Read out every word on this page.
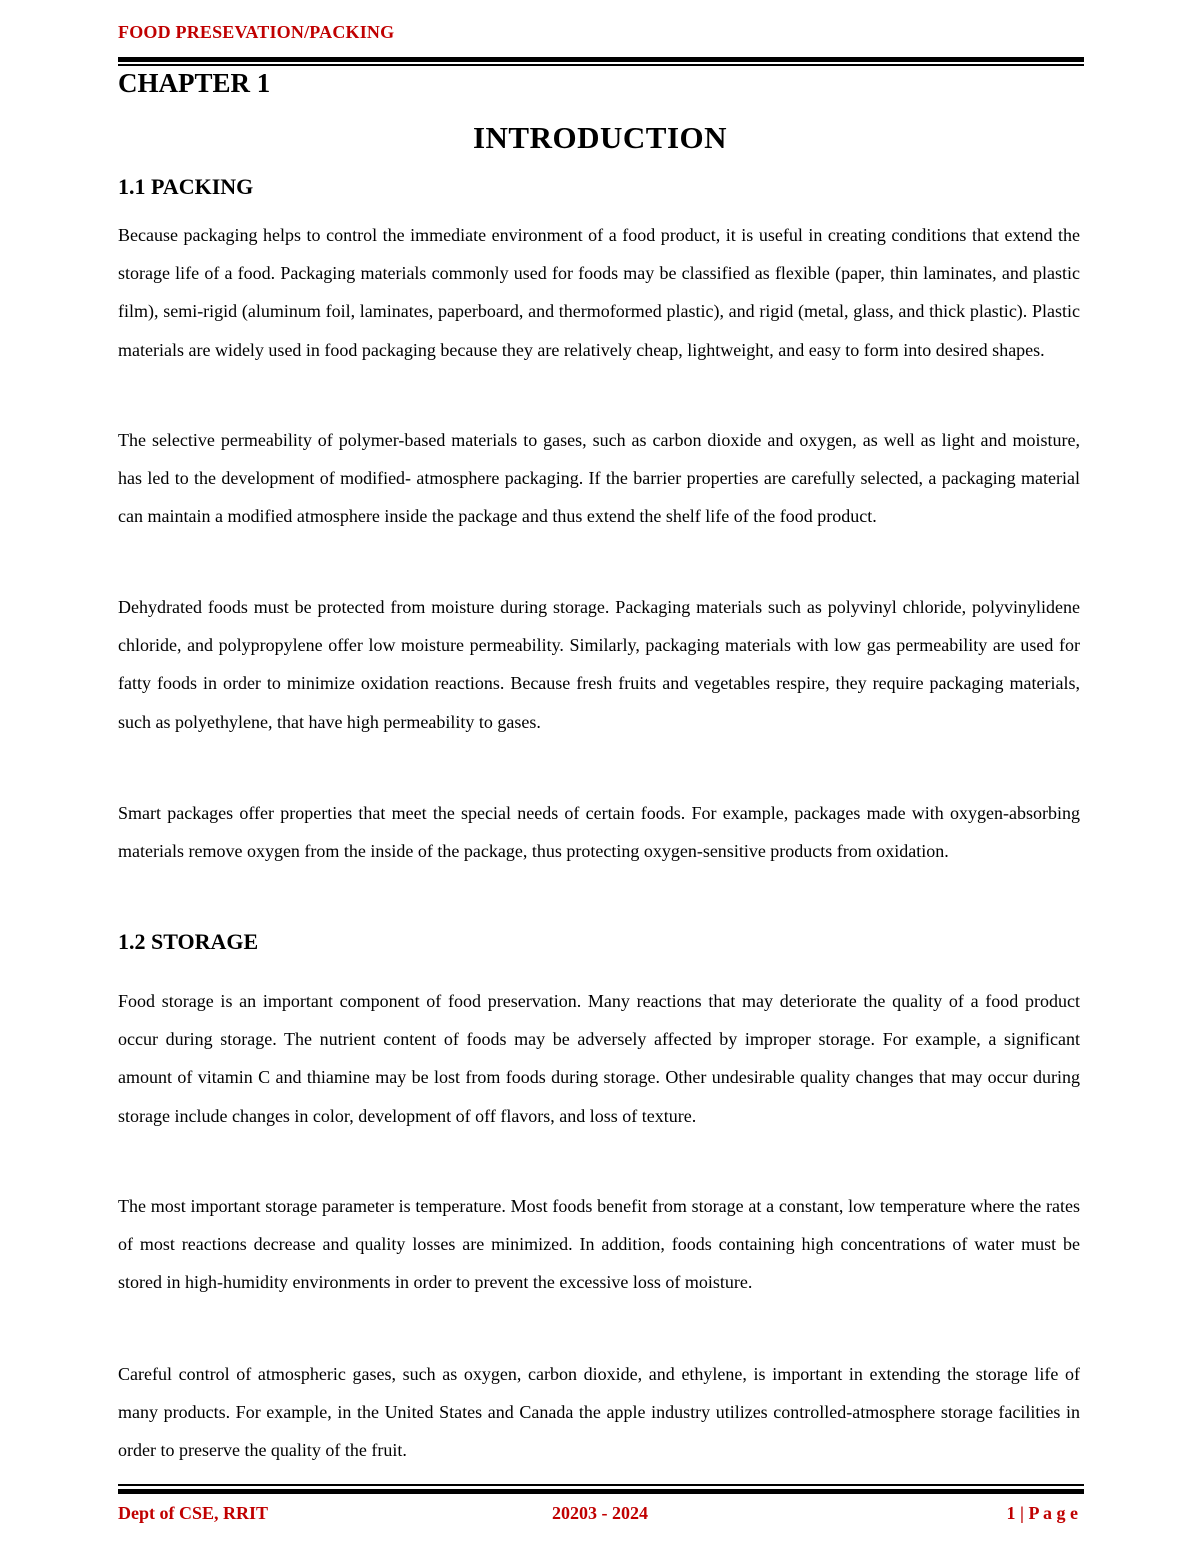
FOOD PRESEVATION/PACKING
CHAPTER 1
INTRODUCTION
1.1 PACKING

Because packaging helps to control the immediate environment of a food product, it is useful in creating conditions that extend the storage life of a food. Packaging materials commonly used for foods may be classified as flexible (paper, thin laminates, and plastic film), semi-rigid (aluminum foil, laminates, paperboard, and thermoformed plastic), and rigid (metal, glass, and thick plastic). Plastic materials are widely used in food packaging because they are relatively cheap, lightweight, and easy to form into desired shapes.

The selective permeability of polymer-based materials to gases, such as carbon dioxide and oxygen, as well as light and moisture, has led to the development of modified- atmosphere packaging. If the barrier properties are carefully selected, a packaging material can maintain a modified atmosphere inside the package and thus extend the shelf life of the food product.

Dehydrated foods must be protected from moisture during storage. Packaging materials such as polyvinyl chloride, polyvinylidene chloride, and polypropylene offer low moisture permeability. Similarly, packaging materials with low gas permeability are used for fatty foods in order to minimize oxidation reactions. Because fresh fruits and vegetables respire, they require packaging materials, such as polyethylene, that have high permeability to gases.

Smart packages offer properties that meet the special needs of certain foods. For example, packages made with oxygen-absorbing materials remove oxygen from the inside of the package, thus protecting oxygen-sensitive products from oxidation.

1.2 STORAGE

Food storage is an important component of food preservation. Many reactions that may deteriorate the quality of a food product occur during storage. The nutrient content of foods may be adversely affected by improper storage. For example, a significant amount of vitamin C and thiamine may be lost from foods during storage. Other undesirable quality changes that may occur during storage include changes in color, development of off flavors, and loss of texture.

The most important storage parameter is temperature. Most foods benefit from storage at a constant, low temperature where the rates of most reactions decrease and quality losses are minimized. In addition, foods containing high concentrations of water must be stored in high-humidity environments in order to prevent the excessive loss of moisture.

Careful control of atmospheric gases, such as oxygen, carbon dioxide, and ethylene, is important in extending the storage life of many products. For example, in the United States and Canada the apple industry utilizes controlled-atmosphere storage facilities in order to preserve the quality of the fruit.

Dept of CSE, RRIT	20203 - 2024	1 | P a g e
